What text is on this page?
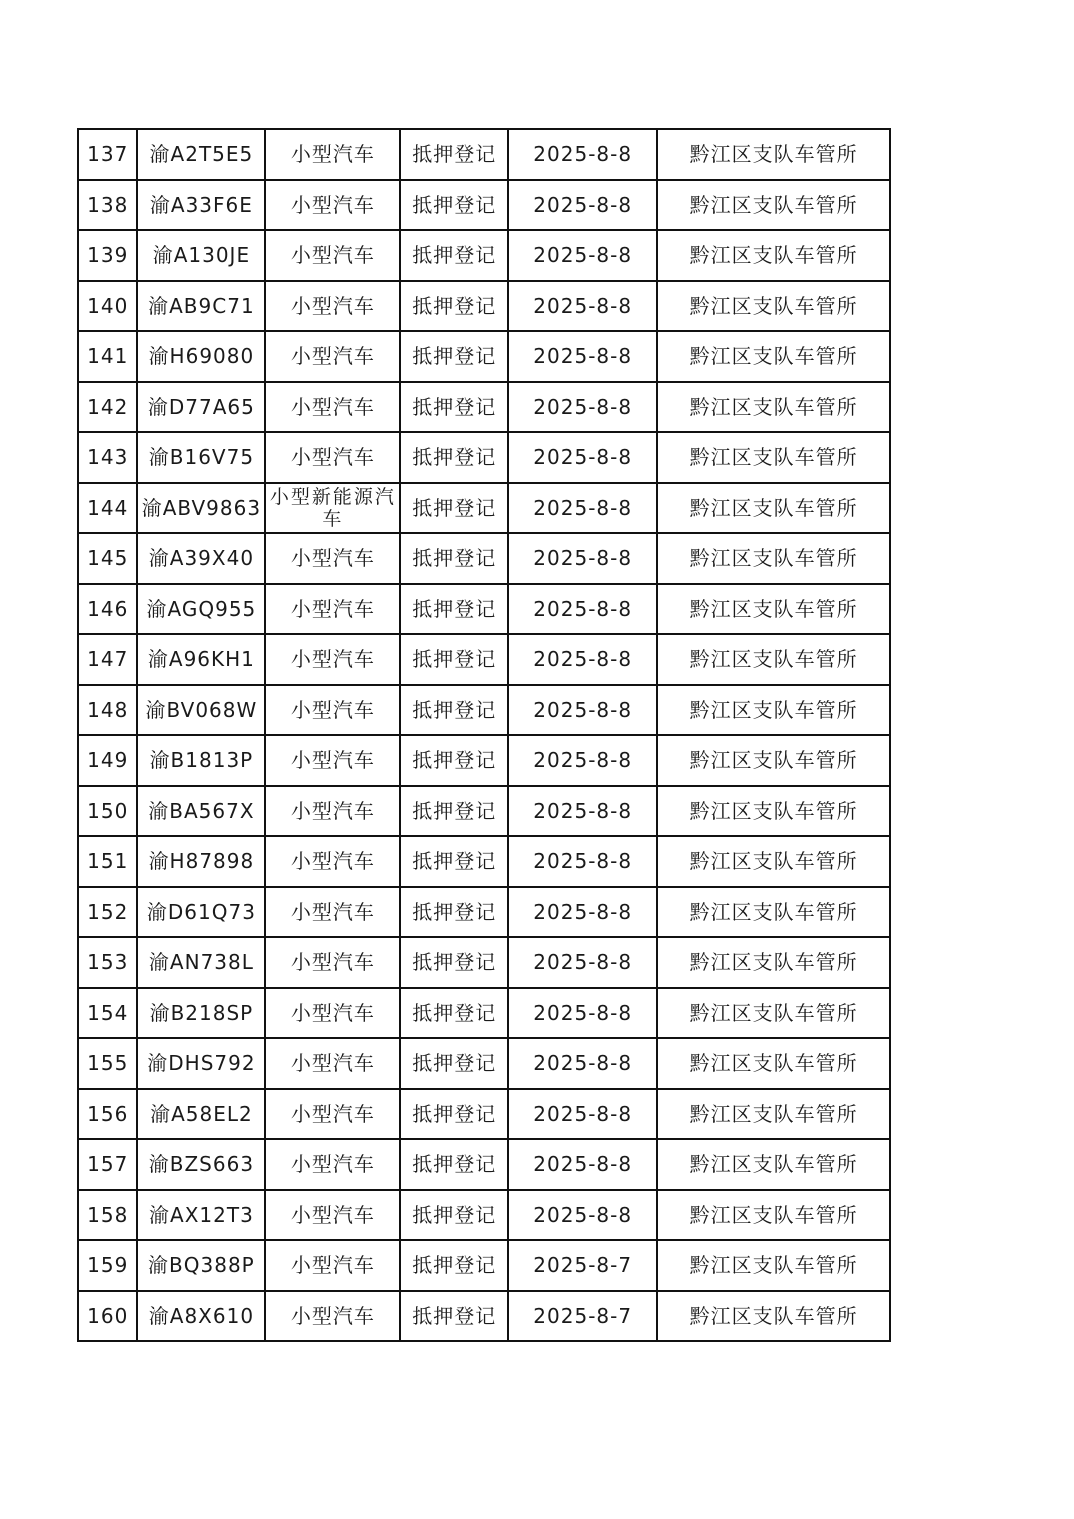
137	渝A2T5E5	小型汽车	抵押登记	2025-8-8	黔江区支队车管所
138	渝A33F6E	小型汽车	抵押登记	2025-8-8	黔江区支队车管所
139	渝A130JE	小型汽车	抵押登记	2025-8-8	黔江区支队车管所
140	渝AB9C71	小型汽车	抵押登记	2025-8-8	黔江区支队车管所
141	渝H69080	小型汽车	抵押登记	2025-8-8	黔江区支队车管所
142	渝D77A65	小型汽车	抵押登记	2025-8-8	黔江区支队车管所
143	渝B16V75	小型汽车	抵押登记	2025-8-8	黔江区支队车管所
144	渝ABV9863	小型新能源汽车	抵押登记	2025-8-8	黔江区支队车管所
145	渝A39X40	小型汽车	抵押登记	2025-8-8	黔江区支队车管所
146	渝AGQ955	小型汽车	抵押登记	2025-8-8	黔江区支队车管所
147	渝A96KH1	小型汽车	抵押登记	2025-8-8	黔江区支队车管所
148	渝BV068W	小型汽车	抵押登记	2025-8-8	黔江区支队车管所
149	渝B1813P	小型汽车	抵押登记	2025-8-8	黔江区支队车管所
150	渝BA567X	小型汽车	抵押登记	2025-8-8	黔江区支队车管所
151	渝H87898	小型汽车	抵押登记	2025-8-8	黔江区支队车管所
152	渝D61Q73	小型汽车	抵押登记	2025-8-8	黔江区支队车管所
153	渝AN738L	小型汽车	抵押登记	2025-8-8	黔江区支队车管所
154	渝B218SP	小型汽车	抵押登记	2025-8-8	黔江区支队车管所
155	渝DHS792	小型汽车	抵押登记	2025-8-8	黔江区支队车管所
156	渝A58EL2	小型汽车	抵押登记	2025-8-8	黔江区支队车管所
157	渝BZS663	小型汽车	抵押登记	2025-8-8	黔江区支队车管所
158	渝AX12T3	小型汽车	抵押登记	2025-8-8	黔江区支队车管所
159	渝BQ388P	小型汽车	抵押登记	2025-8-7	黔江区支队车管所
160	渝A8X610	小型汽车	抵押登记	2025-8-7	黔江区支队车管所
